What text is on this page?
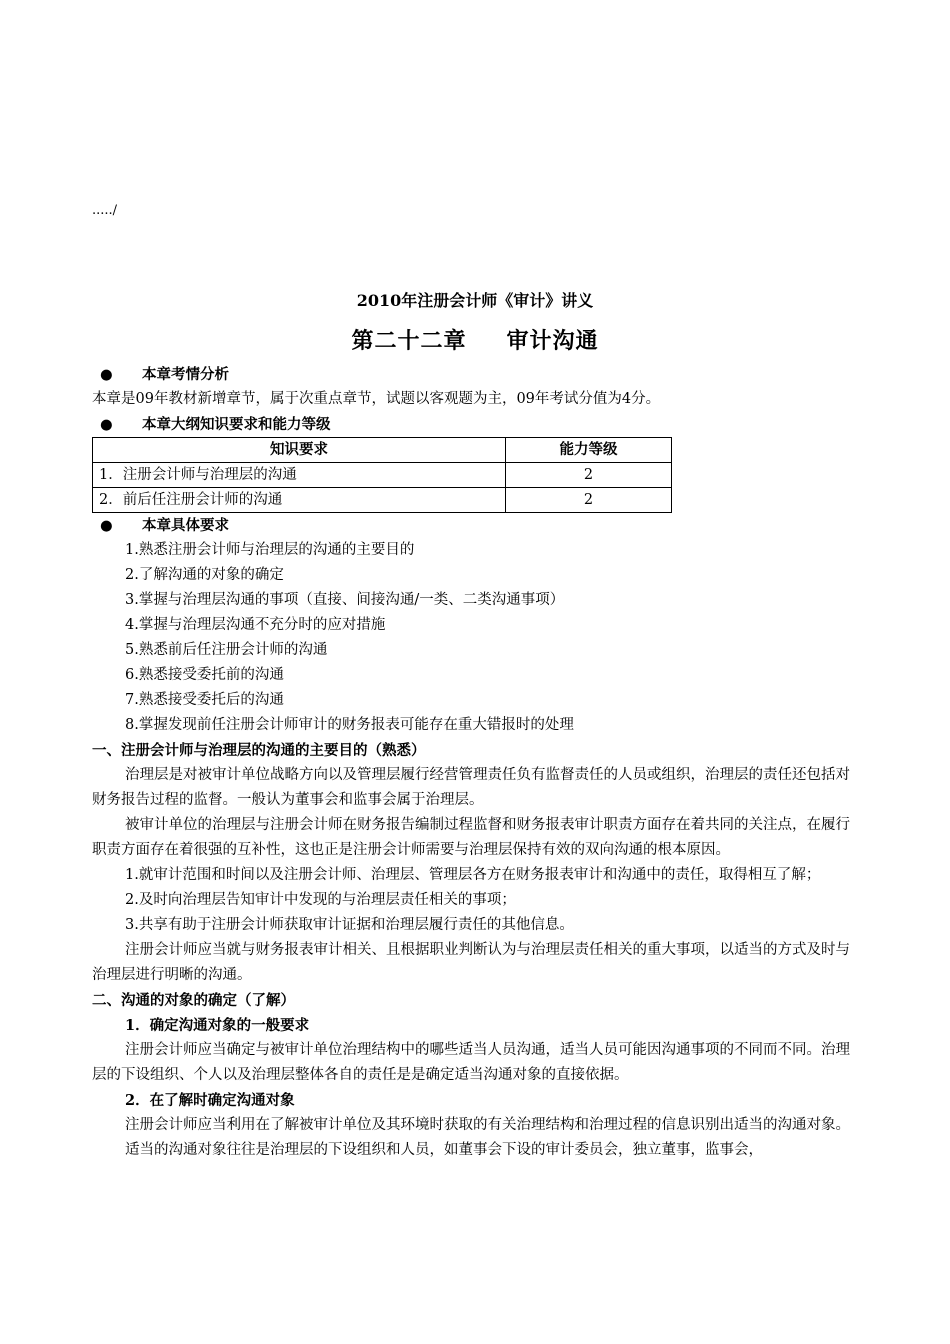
...../
2010年注册会计师《审计》讲义
第二十二章 审计沟通
● 本章考情分析

本章是09年教材新增章节，属于次重点章节，试题以客观题为主，09年考试分值为4分。

● 本章大纲知识要求和能力等级
知识要求	能力等级
1．注册会计师与治理层的沟通	2
2．前后任注册会计师的沟通	2
● 本章具体要求
1.熟悉注册会计师与治理层的沟通的主要目的
2.了解沟通的对象的确定
3.掌握与治理层沟通的事项（直接、间接沟通/一类、二类沟通事项）
4.掌握与治理层沟通不充分时的应对措施
5.熟悉前后任注册会计师的沟通
6.熟悉接受委托前的沟通
7.熟悉接受委托后的沟通
8.掌握发现前任注册会计师审计的财务报表可能存在重大错报时的处理
一、注册会计师与治理层的沟通的主要目的（熟悉）

治理层是对被审计单位战略方向以及管理层履行经营管理责任负有监督责任的人员或组织，治理层的责任还包括对财务报告过程的监督。一般认为董事会和监事会属于治理层。

被审计单位的治理层与注册会计师在财务报告编制过程监督和财务报表审计职责方面存在着共同的关注点，在履行职责方面存在着很强的互补性，这也正是注册会计师需要与治理层保持有效的双向沟通的根本原因。

1.就审计范围和时间以及注册会计师、治理层、管理层各方在财务报表审计和沟通中的责任，取得相互了解；

2.及时向治理层告知审计中发现的与治理层责任相关的事项；

3.共享有助于注册会计师获取审计证据和治理层履行责任的其他信息。

注册会计师应当就与财务报表审计相关、且根据职业判断认为与治理层责任相关的重大事项，以适当的方式及时与治理层进行明晰的沟通。

二、沟通的对象的确定（了解）
1．确定沟通对象的一般要求

注册会计师应当确定与被审计单位治理结构中的哪些适当人员沟通，适当人员可能因沟通事项的不同而不同。治理层的下设组织、个人以及治理层整体各自的责任是是确定适当沟通对象的直接依据。

2．在了解时确定沟通对象

注册会计师应当利用在了解被审计单位及其环境时获取的有关治理结构和治理过程的信息识别出适当的沟通对象。

适当的沟通对象往往是治理层的下设组织和人员，如董事会下设的审计委员会，独立董事，监事会，
